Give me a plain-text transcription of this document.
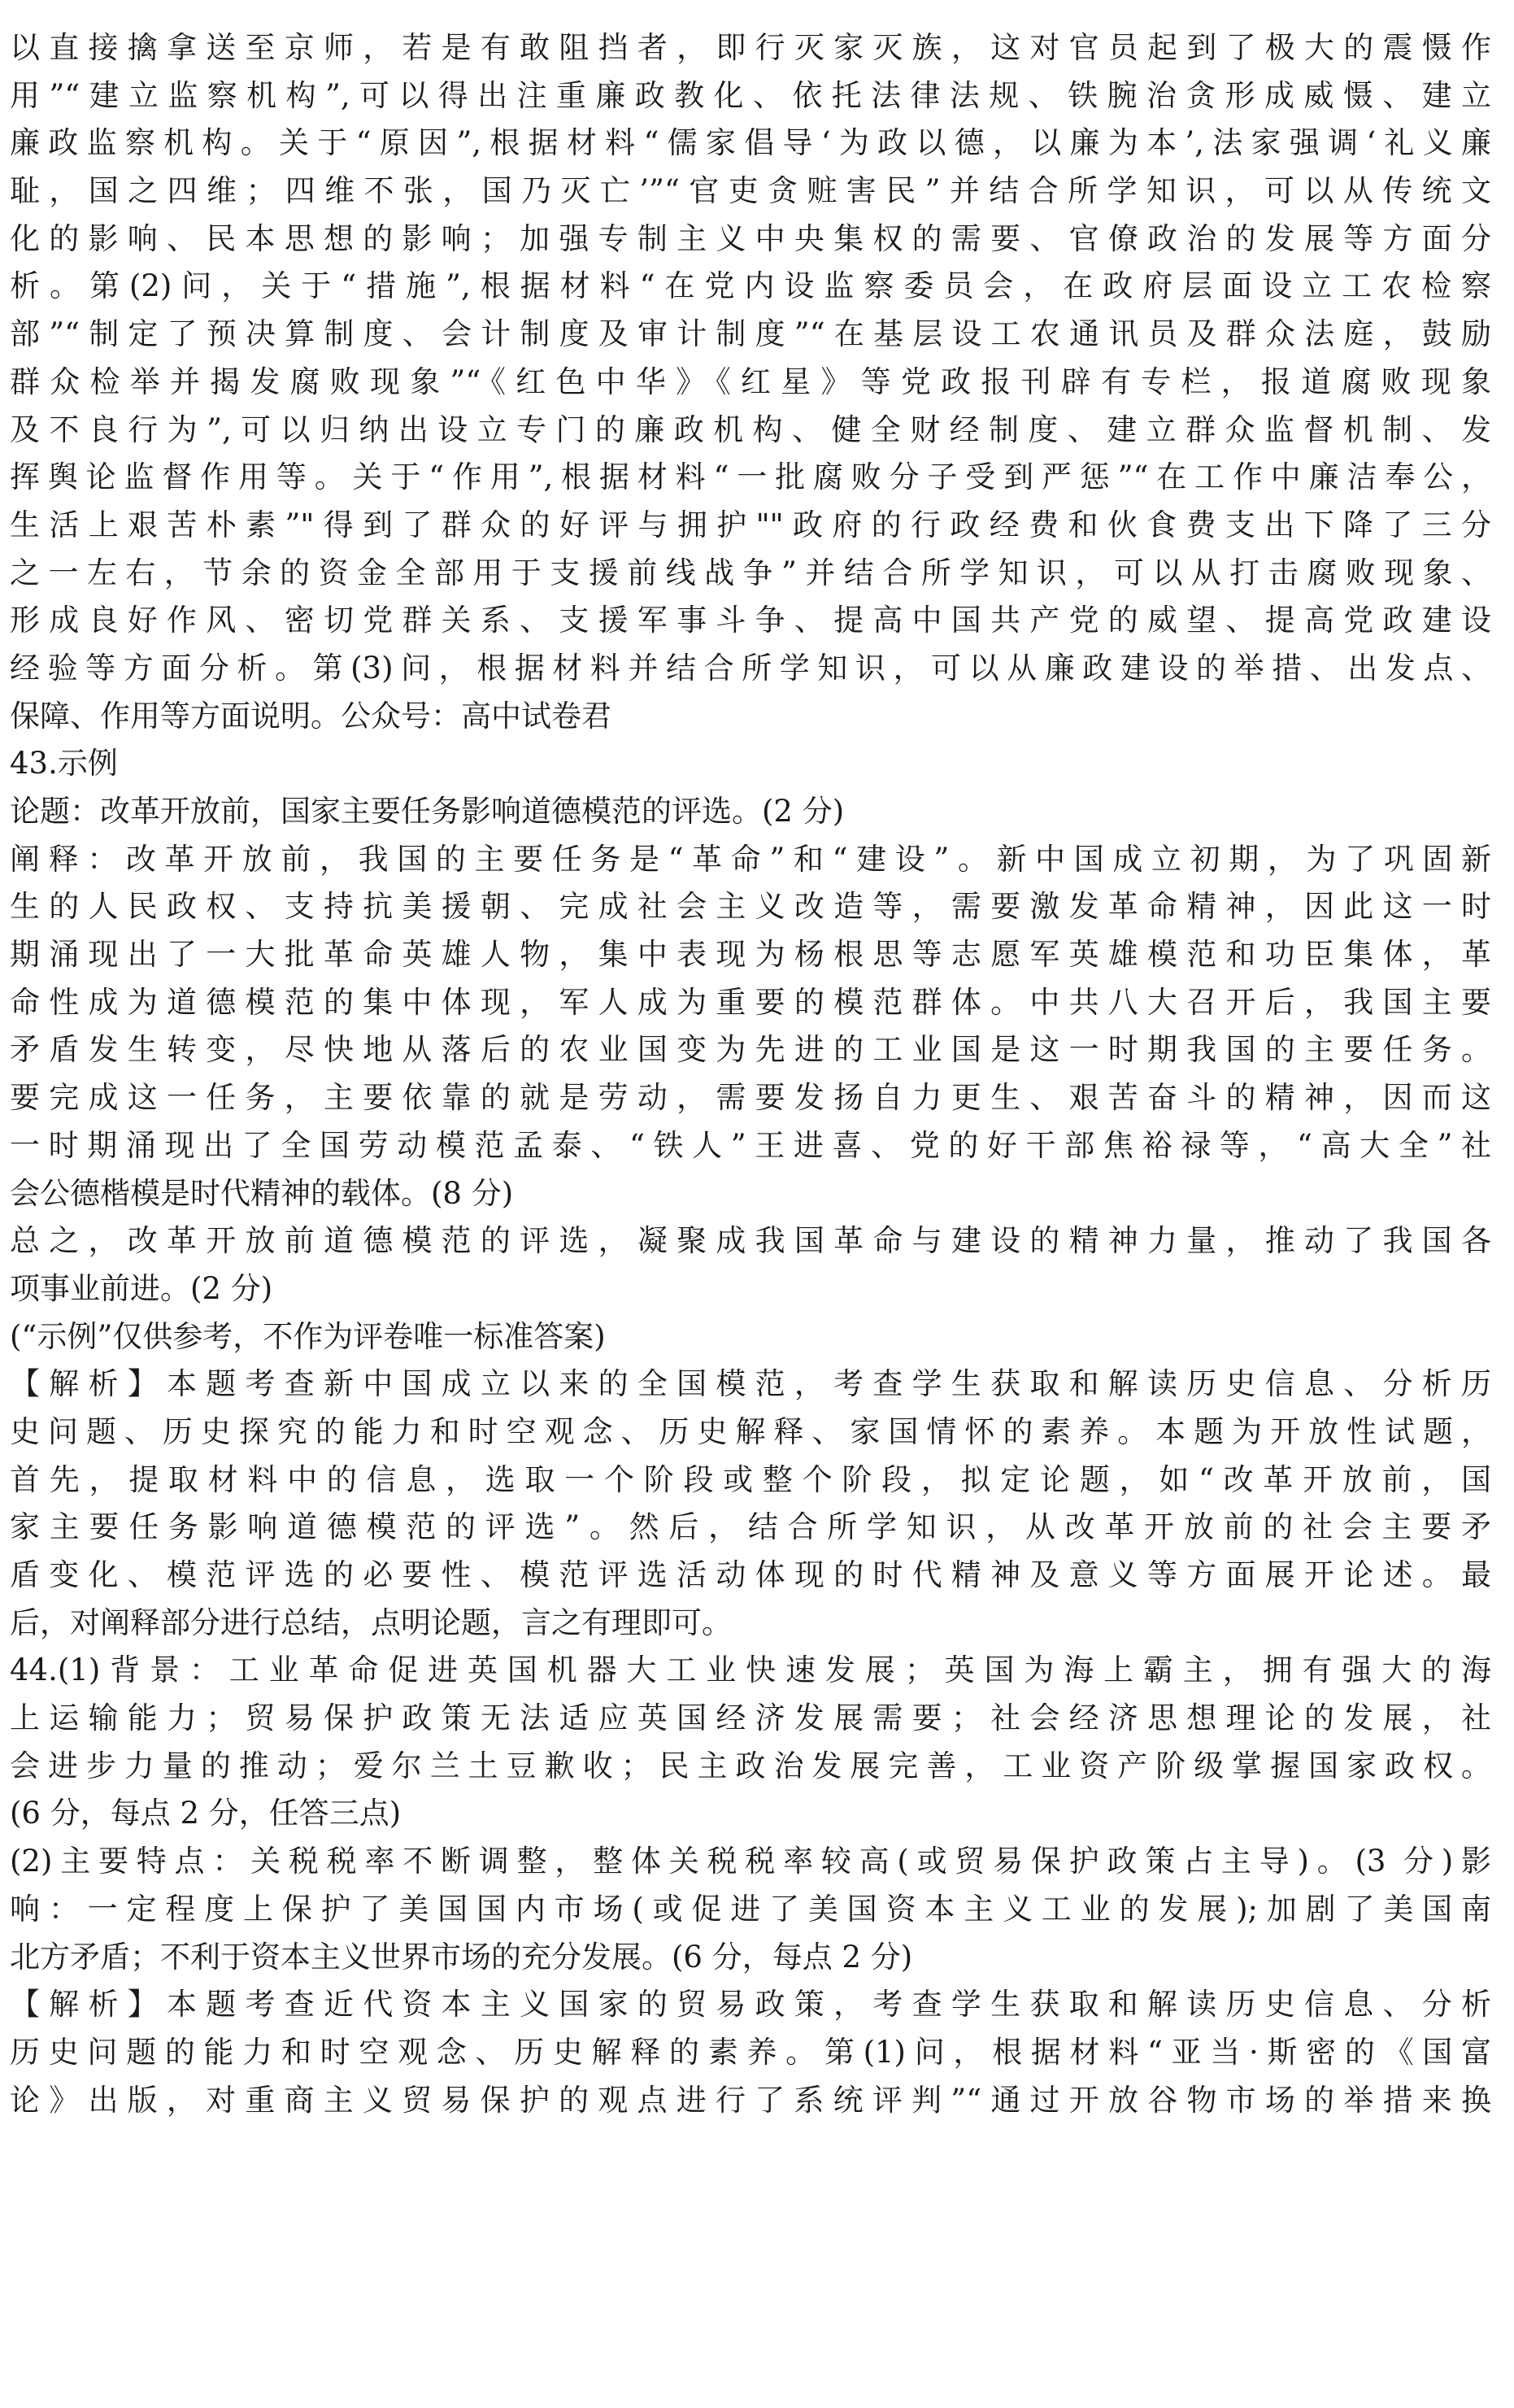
以直接擒拿送至京师，若是有敢阻挡者，即行灭家灭族，这对官员起到了极大的震慑作
用”“建立监察机构”,可以得出注重廉政教化、依托法律法规、铁腕治贪形成威慑、建立
廉政监察机构。关于“原因”,根据材料“儒家倡导‘为政以德，以廉为本’,法家强调‘礼义廉
耻，国之四维；四维不张，国乃灭亡’”“官吏贪赃害民”并结合所学知识，可以从传统文
化的影响、民本思想的影响；加强专制主义中央集权的需要、官僚政治的发展等方面分
析。第(2)问，关于“措施”,根据材料“在党内设监察委员会，在政府层面设立工农检察
部”“制定了预决算制度、会计制度及审计制度”“在基层设工农通讯员及群众法庭，鼓励
群众检举并揭发腐败现象”“《红色中华》《红星》等党政报刊辟有专栏，报道腐败现象
及不良行为”,可以归纳出设立专门的廉政机构、健全财经制度、建立群众监督机制、发
挥舆论监督作用等。关于“作用”,根据材料“一批腐败分子受到严惩”“在工作中廉洁奉公，
生活上艰苦朴素”"得到了群众的好评与拥护""政府的行政经费和伙食费支出下降了三分
之一左右，节余的资金全部用于支援前线战争”并结合所学知识，可以从打击腐败现象、
形成良好作风、密切党群关系、支援军事斗争、提高中国共产党的威望、提高党政建设
经验等方面分析。第(3)问，根据材料并结合所学知识，可以从廉政建设的举措、出发点、
保障、作用等方面说明。公众号：高中试卷君
43.示例
论题：改革开放前，国家主要任务影响道德模范的评选。(2 分)
阐释：改革开放前，我国的主要任务是“革命”和“建设”。新中国成立初期，为了巩固新
生的人民政权、支持抗美援朝、完成社会主义改造等，需要激发革命精神，因此这一时
期涌现出了一大批革命英雄人物，集中表现为杨根思等志愿军英雄模范和功臣集体，革
命性成为道德模范的集中体现，军人成为重要的模范群体。中共八大召开后，我国主要
矛盾发生转变，尽快地从落后的农业国变为先进的工业国是这一时期我国的主要任务。
要完成这一任务，主要依靠的就是劳动，需要发扬自力更生、艰苦奋斗的精神，因而这
一时期涌现出了全国劳动模范孟泰、“铁人”王进喜、党的好干部焦裕禄等，“高大全”社
会公德楷模是时代精神的载体。(8 分)
总之，改革开放前道德模范的评选，凝聚成我国革命与建设的精神力量，推动了我国各
项事业前进。(2 分)
(“示例”仅供参考，不作为评卷唯一标准答案)
【解析】本题考查新中国成立以来的全国模范，考查学生获取和解读历史信息、分析历
史问题、历史探究的能力和时空观念、历史解释、家国情怀的素养。本题为开放性试题，
首先，提取材料中的信息，选取一个阶段或整个阶段，拟定论题，如“改革开放前，国
家主要任务影响道德模范的评选”。然后，结合所学知识，从改革开放前的社会主要矛
盾变化、模范评选的必要性、模范评选活动体现的时代精神及意义等方面展开论述。最
后，对阐释部分进行总结，点明论题，言之有理即可。
44.(1)背景：工业革命促进英国机器大工业快速发展；英国为海上霸主，拥有强大的海
上运输能力；贸易保护政策无法适应英国经济发展需要；社会经济思想理论的发展，社
会进步力量的推动；爱尔兰土豆歉收；民主政治发展完善，工业资产阶级掌握国家政权。
(6 分，每点 2 分，任答三点)
(2)主要特点：关税税率不断调整，整体关税税率较高(或贸易保护政策占主导)。(3 分)影
响：一定程度上保护了美国国内市场(或促进了美国资本主义工业的发展);加剧了美国南
北方矛盾；不利于资本主义世界市场的充分发展。(6 分，每点 2 分)
【解析】本题考查近代资本主义国家的贸易政策，考查学生获取和解读历史信息、分析
历史问题的能力和时空观念、历史解释的素养。第(1)问，根据材料“亚当·斯密的《国富
论》出版，对重商主义贸易保护的观点进行了系统评判”“通过开放谷物市场的举措来换
